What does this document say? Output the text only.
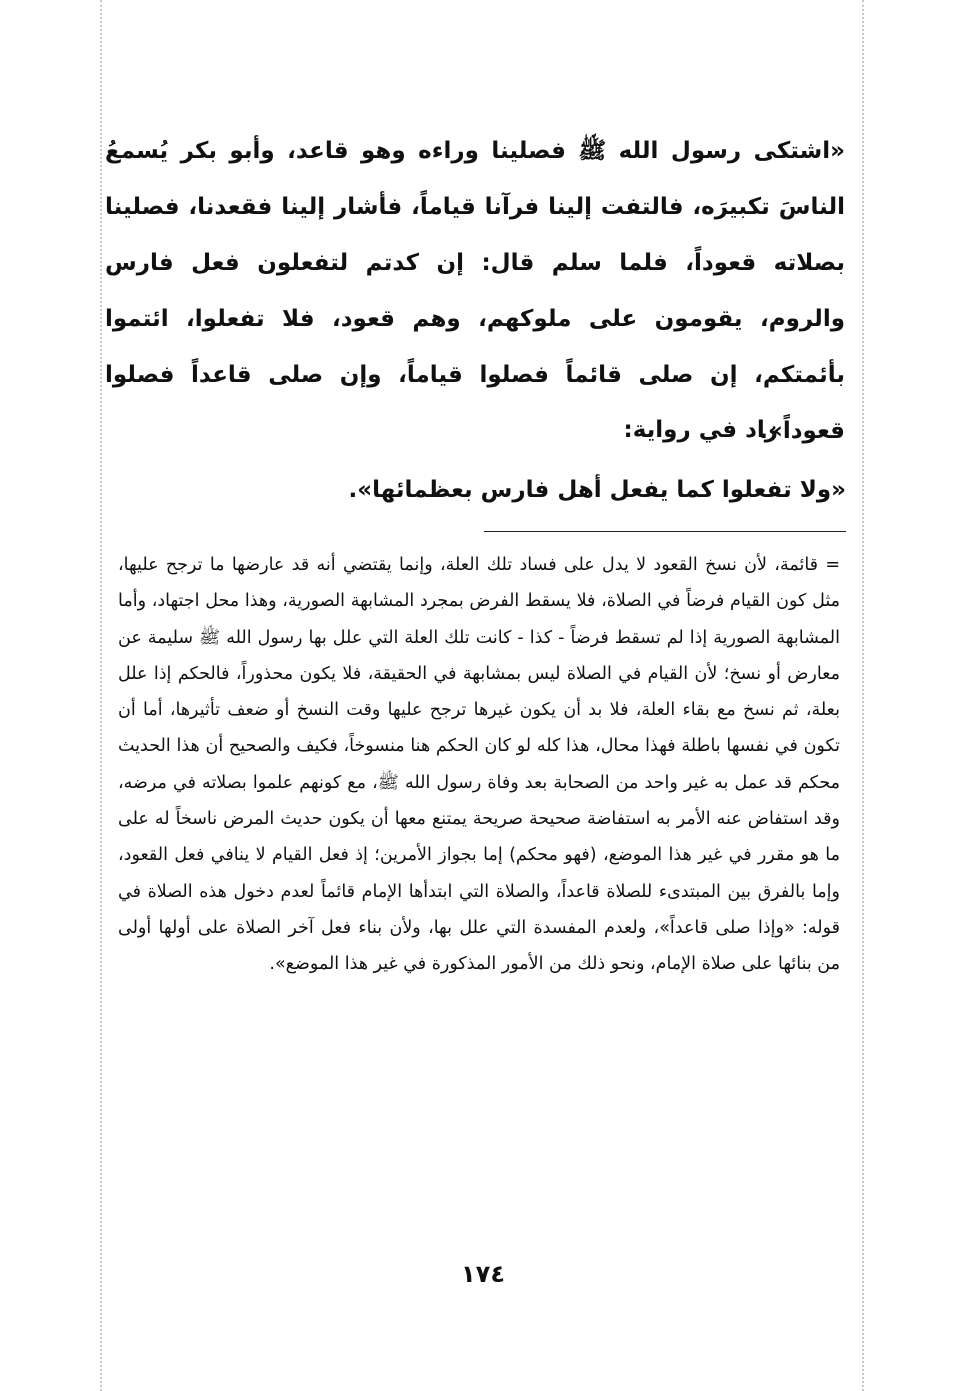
«اشتكى رسول الله ﷺ فصلينا وراءه وهو قاعد، وأبو بكر يُسمعُ الناسَ تكبيرَه، فالتفت إلينا فرآنا قياماً، فأشار إلينا فقعدنا، فصلينا بصلاته قعوداً، فلما سلم قال: إن كدتم لتفعلون فعل فارس والروم، يقومون على ملوكهم، وهم قعود، فلا تفعلوا، ائتموا بأئمتكم، إن صلى قائماً فصلوا قياماً، وإن صلى قاعداً فصلوا قعوداً».

زاد في رواية:

«ولا تفعلوا كما يفعل أهل فارس بعظمائها».

= قائمة، لأن نسخ القعود لا يدل على فساد تلك العلة، وإنما يقتضي أنه قد عارضها ما ترجح عليها، مثل كون القيام فرضاً في الصلاة، فلا يسقط الفرض بمجرد المشابهة الصورية، وهذا محل اجتهاد، وأما المشابهة الصورية إذا لم تسقط فرضاً - كذا - كانت تلك العلة التي علل بها رسول الله ﷺ سليمة عن معارض أو نسخ؛ لأن القيام في الصلاة ليس بمشابهة في الحقيقة، فلا يكون محذوراً، فالحكم إذا علل بعلة، ثم نسخ مع بقاء العلة، فلا بد أن يكون غيرها ترجح عليها وقت النسخ أو ضعف تأثيرها، أما أن تكون في نفسها باطلة فهذا محال، هذا كله لو كان الحكم هنا منسوخاً، فكيف والصحيح أن هذا الحديث محكم قد عمل به غير واحد من الصحابة بعد وفاة رسول الله ﷺ، مع كونهم علموا بصلاته في مرضه، وقد استفاض عنه الأمر به استفاضة صحيحة صريحة يمتنع معها أن يكون حديث المرض ناسخاً له على ما هو مقرر في غير هذا الموضع، (فهو محكم) إما بجواز الأمرين؛ إذ فعل القيام لا ينافي فعل القعود، وإما بالفرق بين المبتدىء للصلاة قاعداً، والصلاة التي ابتدأها الإمام قائماً لعدم دخول هذه الصلاة في قوله: «وإذا صلى قاعداً»، ولعدم المفسدة التي علل بها، ولأن بناء فعل آخر الصلاة على أولها أولى من بنائها على صلاة الإمام، ونحو ذلك من الأمور المذكورة في غير هذا الموضع».

١٧٤
